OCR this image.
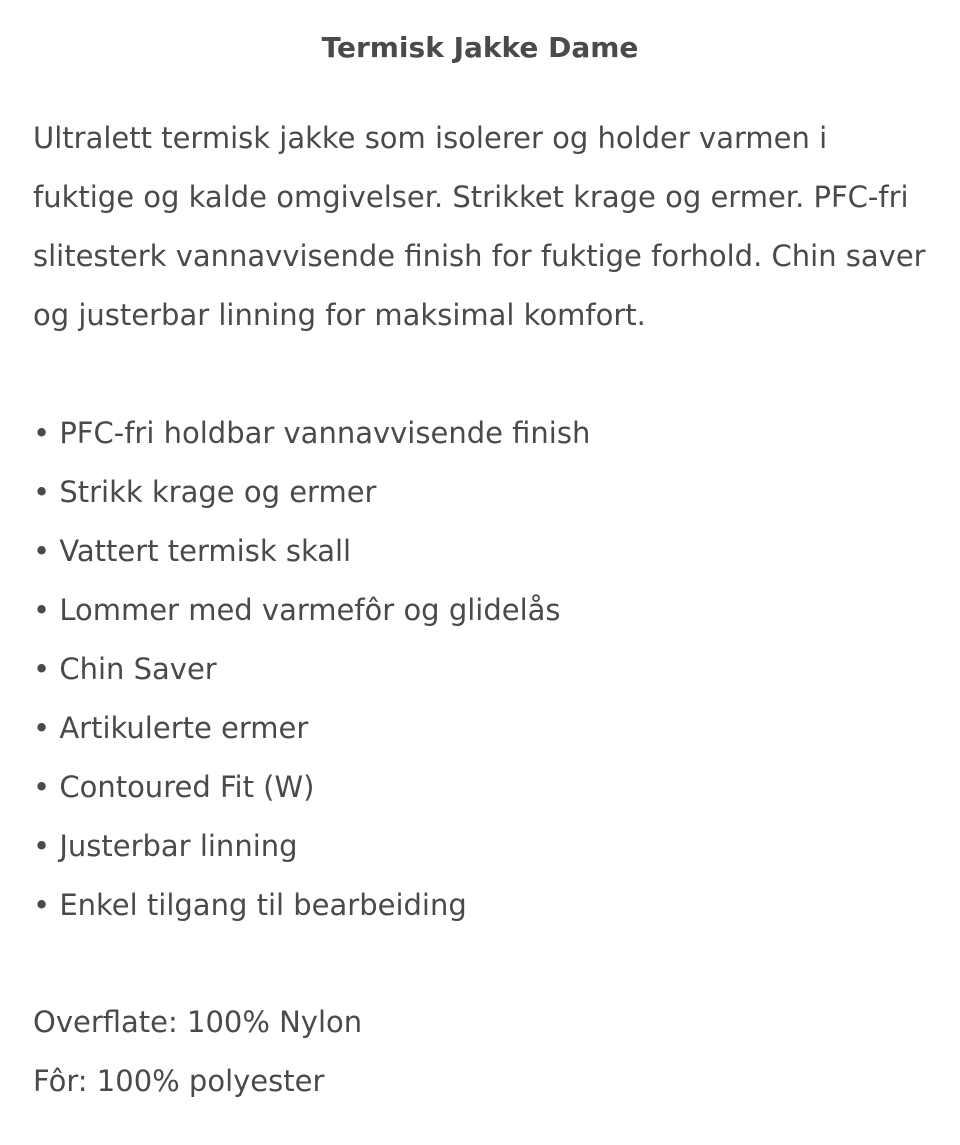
Termisk Jakke Dame

Ultralett termisk jakke som isolerer og holder varmen i fuktige og kalde omgivelser. Strikket krage og ermer. PFC-fri slitesterk vannavvisende finish for fuktige forhold. Chin saver og justerbar linning for maksimal komfort.

• PFC-fri holdbar vannavvisende finish
• Strikk krage og ermer
• Vattert termisk skall
• Lommer med varmefôr og glidelås
• Chin Saver
• Artikulerte ermer
• Contoured Fit (W)
• Justerbar linning
• Enkel tilgang til bearbeiding
Overflate: 100% Nylon
Fôr: 100% polyester
